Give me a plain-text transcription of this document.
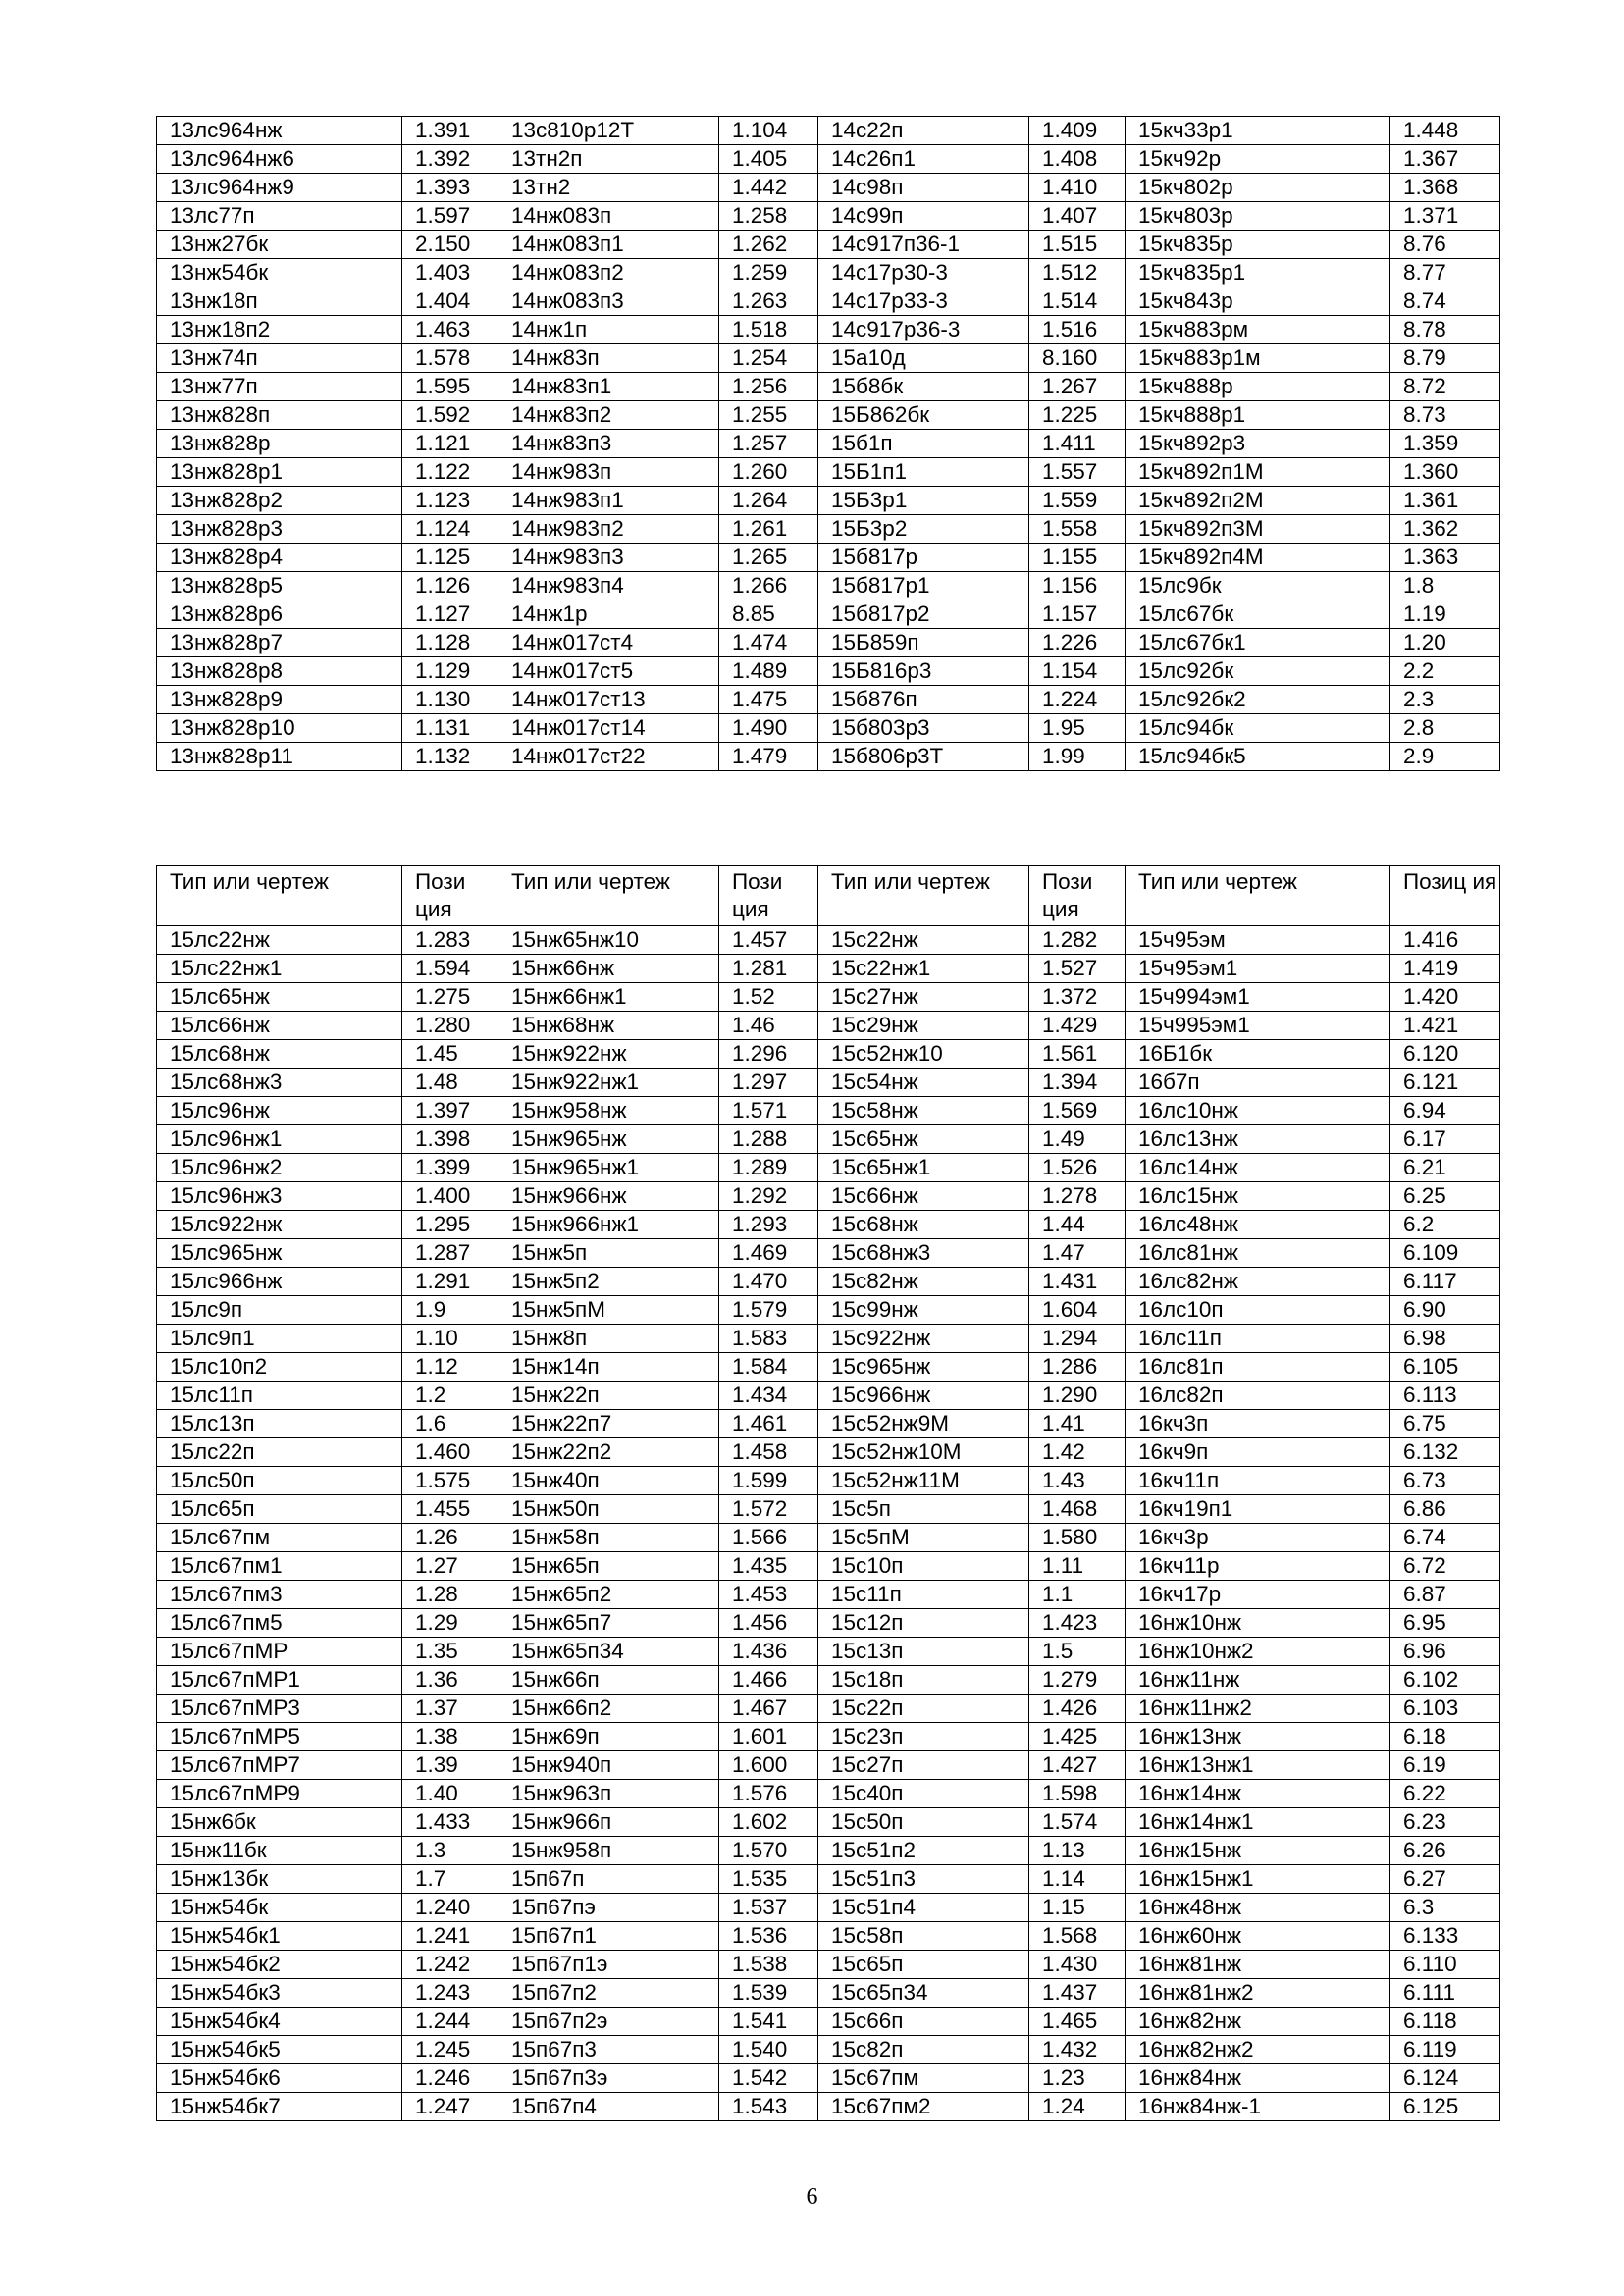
13лс964нж	1.391	13с810р12Т	1.104	14с22п	1.409	15кч33р1	1.448
13лс964нж6	1.392	13тн2п	1.405	14с26п1	1.408	15кч92р	1.367
13лс964нж9	1.393	13тн2	1.442	14с98п	1.410	15кч802р	1.368
13лс77п	1.597	14нж083п	1.258	14с99п	1.407	15кч803р	1.371
13нж27бк	2.150	14нж083п1	1.262	14с917п36-1	1.515	15кч835р	8.76
13нж54бк	1.403	14нж083п2	1.259	14с17р30-3	1.512	15кч835р1	8.77
13нж18п	1.404	14нж083п3	1.263	14с17р33-3	1.514	15кч843р	8.74
13нж18п2	1.463	14нж1п	1.518	14с917р36-3	1.516	15кч883рм	8.78
13нж74п	1.578	14нж83п	1.254	15а10д	8.160	15кч883р1м	8.79
13нж77п	1.595	14нж83п1	1.256	15б8бк	1.267	15кч888р	8.72
13нж828п	1.592	14нж83п2	1.255	15Б862бк	1.225	15кч888р1	8.73
13нж828р	1.121	14нж83п3	1.257	15б1п	1.411	15кч892р3	1.359
13нж828р1	1.122	14нж983п	1.260	15Б1п1	1.557	15кч892п1М	1.360
13нж828р2	1.123	14нж983п1	1.264	15Б3р1	1.559	15кч892п2М	1.361
13нж828р3	1.124	14нж983п2	1.261	15Б3р2	1.558	15кч892п3М	1.362
13нж828р4	1.125	14нж983п3	1.265	15б817р	1.155	15кч892п4М	1.363
13нж828р5	1.126	14нж983п4	1.266	15б817р1	1.156	15лс9бк	1.8
13нж828р6	1.127	14нж1р	8.85	15б817р2	1.157	15лс67бк	1.19
13нж828р7	1.128	14нж017ст4	1.474	15Б859п	1.226	15лс67бк1	1.20
13нж828р8	1.129	14нж017ст5	1.489	15Б816р3	1.154	15лс92бк	2.2
13нж828р9	1.130	14нж017ст13	1.475	15б876п	1.224	15лс92бк2	2.3
13нж828р10	1.131	14нж017ст14	1.490	15б803р3	1.95	15лс94бк	2.8
13нж828р11	1.132	14нж017ст22	1.479	15б806р3Т	1.99	15лс94бк5	2.9
Тип или чертеж	Пози ция	Тип или чертеж	Пози ция	Тип или чертеж	Пози ция	Тип или чертеж	Позиц ия
15лс22нж	1.283	15нж65нж10	1.457	15с22нж	1.282	15ч95эм	1.416
15лс22нж1	1.594	15нж66нж	1.281	15с22нж1	1.527	15ч95эм1	1.419
15лс65нж	1.275	15нж66нж1	1.52	15с27нж	1.372	15ч994эм1	1.420
15лс66нж	1.280	15нж68нж	1.46	15с29нж	1.429	15ч995эм1	1.421
15лс68нж	1.45	15нж922нж	1.296	15с52нж10	1.561	16Б1бк	6.120
15лс68нж3	1.48	15нж922нж1	1.297	15с54нж	1.394	16б7п	6.121
15лс96нж	1.397	15нж958нж	1.571	15с58нж	1.569	16лс10нж	6.94
15лс96нж1	1.398	15нж965нж	1.288	15с65нж	1.49	16лс13нж	6.17
15лс96нж2	1.399	15нж965нж1	1.289	15с65нж1	1.526	16лс14нж	6.21
15лс96нж3	1.400	15нж966нж	1.292	15с66нж	1.278	16лс15нж	6.25
15лс922нж	1.295	15нж966нж1	1.293	15с68нж	1.44	16лс48нж	6.2
15лс965нж	1.287	15нж5п	1.469	15с68нж3	1.47	16лс81нж	6.109
15лс966нж	1.291	15нж5п2	1.470	15с82нж	1.431	16лс82нж	6.117
15лс9п	1.9	15нж5пМ	1.579	15с99нж	1.604	16лс10п	6.90
15лс9п1	1.10	15нж8п	1.583	15с922нж	1.294	16лс11п	6.98
15лс10п2	1.12	15нж14п	1.584	15с965нж	1.286	16лс81п	6.105
15лс11п	1.2	15нж22п	1.434	15с966нж	1.290	16лс82п	6.113
15лс13п	1.6	15нж22п7	1.461	15с52нж9М	1.41	16кч3п	6.75
15лс22п	1.460	15нж22п2	1.458	15с52нж10М	1.42	16кч9п	6.132
15лс50п	1.575	15нж40п	1.599	15с52нж11М	1.43	16кч11п	6.73
15лс65п	1.455	15нж50п	1.572	15с5п	1.468	16кч19п1	6.86
15лс67пм	1.26	15нж58п	1.566	15с5пМ	1.580	16кч3р	6.74
15лс67пм1	1.27	15нж65п	1.435	15с10п	1.11	16кч11р	6.72
15лс67пм3	1.28	15нж65п2	1.453	15с11п	1.1	16кч17р	6.87
15лс67пм5	1.29	15нж65п7	1.456	15с12п	1.423	16нж10нж	6.95
15лс67пМР	1.35	15нж65п34	1.436	15с13п	1.5	16нж10нж2	6.96
15лс67пМР1	1.36	15нж66п	1.466	15с18п	1.279	16нж11нж	6.102
15лс67пМР3	1.37	15нж66п2	1.467	15с22п	1.426	16нж11нж2	6.103
15лс67пМР5	1.38	15нж69п	1.601	15с23п	1.425	16нж13нж	6.18
15лс67пМР7	1.39	15нж940п	1.600	15с27п	1.427	16нж13нж1	6.19
15лс67пМР9	1.40	15нж963п	1.576	15с40п	1.598	16нж14нж	6.22
15нж6бк	1.433	15нж966п	1.602	15с50п	1.574	16нж14нж1	6.23
15нж11бк	1.3	15нж958п	1.570	15с51п2	1.13	16нж15нж	6.26
15нж13бк	1.7	15п67п	1.535	15с51п3	1.14	16нж15нж1	6.27
15нж54бк	1.240	15п67пэ	1.537	15с51п4	1.15	16нж48нж	6.3
15нж54бк1	1.241	15п67п1	1.536	15с58п	1.568	16нж60нж	6.133
15нж54бк2	1.242	15п67п1э	1.538	15с65п	1.430	16нж81нж	6.110
15нж54бк3	1.243	15п67п2	1.539	15с65п34	1.437	16нж81нж2	6.111
15нж54бк4	1.244	15п67п2э	1.541	15с66п	1.465	16нж82нж	6.118
15нж54бк5	1.245	15п67п3	1.540	15с82п	1.432	16нж82нж2	6.119
15нж54бк6	1.246	15п67п3э	1.542	15с67пм	1.23	16нж84нж	6.124
15нж54бк7	1.247	15п67п4	1.543	15с67пм2	1.24	16нж84нж-1	6.125
6
